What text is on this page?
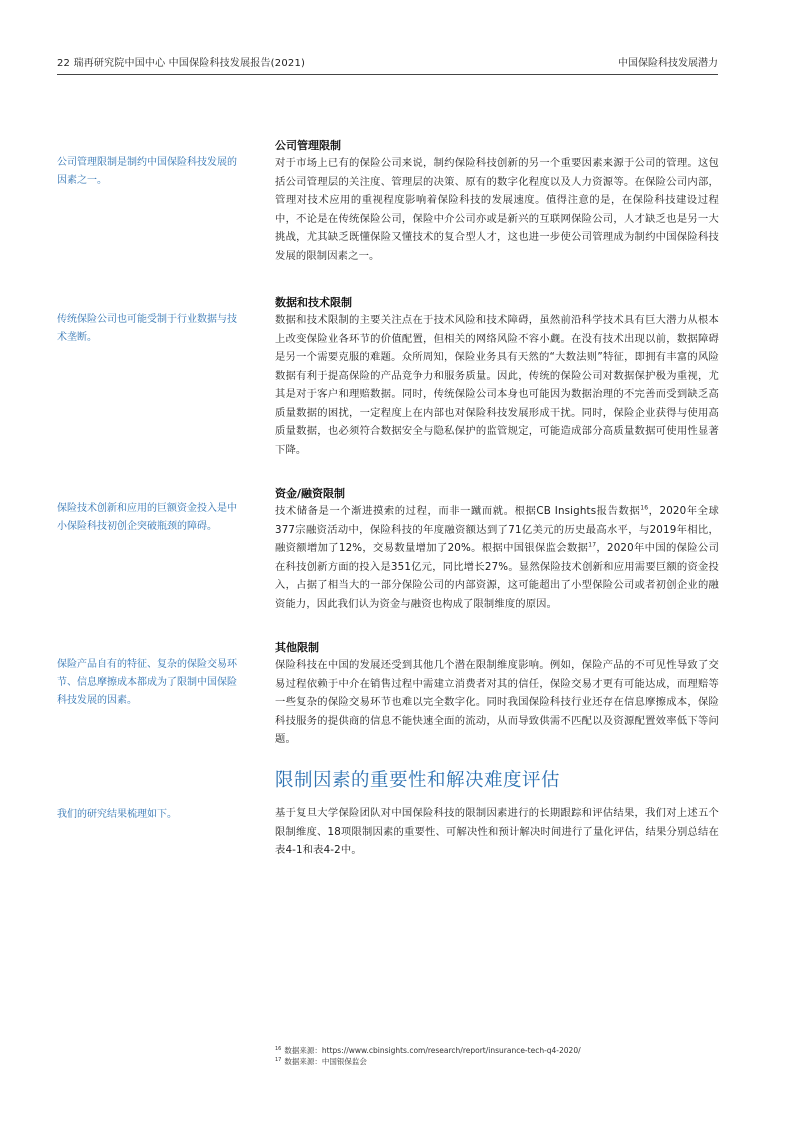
22 瑞再研究院中国中心 中国保险科技发展报告(2021)	中国保险科技发展潜力
公司管理限制是制约中国保险科技发展的因素之一。
传统保险公司也可能受制于行业数据与技术垄断。
保险技术创新和应用的巨额资金投入是中小保险科技初创企突破瓶颈的障碍。
保险产品自有的特征、复杂的保险交易环节、信息摩擦成本都成为了限制中国保险科技发展的因素。
我们的研究结果梳理如下。

公司管理限制

对于市场上已有的保险公司来说，制约保险科技创新的另一个重要因素来源于公司的管理。这包括公司管理层的关注度、管理层的决策、原有的数字化程度以及人力资源等。在保险公司内部，管理对技术应用的重视程度影响着保险科技的发展速度。值得注意的是，在保险科技建设过程中，不论是在传统保险公司，保险中介公司亦或是新兴的互联网保险公司，人才缺乏也是另一大挑战，尤其缺乏既懂保险又懂技术的复合型人才，这也进一步使公司管理成为制约中国保险科技发展的限制因素之一。

数据和技术限制

数据和技术限制的主要关注点在于技术风险和技术障碍，虽然前沿科学技术具有巨大潜力从根本上改变保险业各环节的价值配置，但相关的网络风险不容小觑。在没有技术出现以前，数据障碍是另一个需要克服的难题。众所周知，保险业务具有天然的“大数法则”特征，即拥有丰富的风险数据有利于提高保险的产品竞争力和服务质量。因此，传统的保险公司对数据保护极为重视，尤其是对于客户和理赔数据。同时，传统保险公司本身也可能因为数据治理的不完善而受到缺乏高质量数据的困扰，一定程度上在内部也对保险科技发展形成干扰。同时，保险企业获得与使用高质量数据，也必须符合数据安全与隐私保护的监管规定，可能造成部分高质量数据可使用性显著下降。

资金/融资限制

技术储备是一个渐进摸索的过程，而非一蹴而就。根据CB Insights报告数据$^{16}$，2020年全球377宗融资活动中，保险科技的年度融资额达到了71亿美元的历史最高水平，与2019年相比，融资额增加了12%，交易数量增加了20%。根据中国银保监会数据$^{17}$，2020年中国的保险公司在科技创新方面的投入是351亿元，同比增长27%。显然保险技术创新和应用需要巨额的资金投入，占据了相当大的一部分保险公司的内部资源，这可能超出了小型保险公司或者初创企业的融资能力，因此我们认为资金与融资也构成了限制维度的原因。

其他限制

保险科技在中国的发展还受到其他几个潜在限制维度影响。例如，保险产品的不可见性导致了交易过程依赖于中介在销售过程中需建立消费者对其的信任，保险交易才更有可能达成，而理赔等一些复杂的保险交易环节也难以完全数字化。同时我国保险科技行业还存在信息摩擦成本，保险科技服务的提供商的信息不能快速全面的流动，从而导致供需不匹配以及资源配置效率低下等问题。

限制因素的重要性和解决难度评估

基于复旦大学保险团队对中国保险科技的限制因素进行的长期跟踪和评估结果，我们对上述五个限制维度、18项限制因素的重要性、可解决性和预计解决时间进行了量化评估，结果分别总结在表4-1和表4-2中。

$^{16}$ 数据来源：https://www.cbinsights.com/research/report/insurance-tech-q4-2020/
$^{17}$ 数据来源：中国银保监会
